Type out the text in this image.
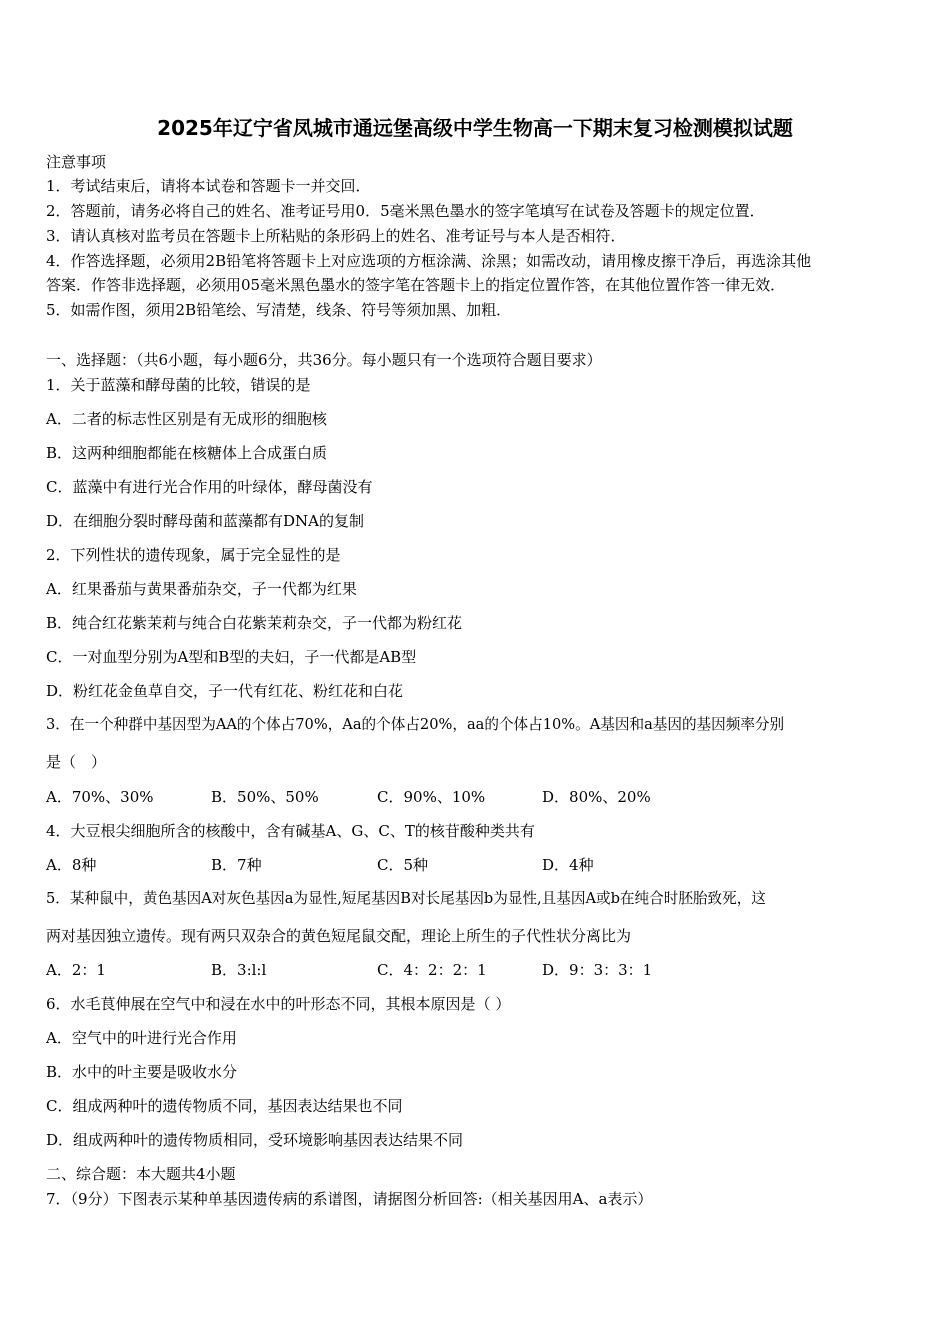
2025年辽宁省凤城市通远堡高级中学生物高一下期末复习检测模拟试题
注意事项
1．考试结束后，请将本试卷和答题卡一并交回．
2．答题前，请务必将自己的姓名、准考证号用0．5毫米黑色墨水的签字笔填写在试卷及答题卡的规定位置．
3．请认真核对监考员在答题卡上所粘贴的条形码上的姓名、准考证号与本人是否相符．
4．作答选择题，必须用2B铅笔将答题卡上对应选项的方框涂满、涂黑；如需改动，请用橡皮擦干净后，再选涂其他
答案．作答非选择题，必须用05毫米黑色墨水的签字笔在答题卡上的指定位置作答，在其他位置作答一律无效．
5．如需作图，须用2B铅笔绘、写清楚，线条、符号等须加黑、加粗．
一、选择题：（共6小题，每小题6分，共36分。每小题只有一个选项符合题目要求）
1．关于蓝藻和酵母菌的比较，错误的是
A．二者的标志性区别是有无成形的细胞核
B．这两种细胞都能在核糖体上合成蛋白质
C．蓝藻中有进行光合作用的叶绿体，酵母菌没有
D．在细胞分裂时酵母菌和蓝藻都有DNA的复制
2．下列性状的遗传现象，属于完全显性的是
A．红果番茄与黄果番茄杂交，子一代都为红果
B．纯合红花紫茉莉与纯合白花紫茉莉杂交，子一代都为粉红花
C．一对血型分别为A型和B型的夫妇，子一代都是AB型
D．粉红花金鱼草自交，子一代有红花、粉红花和白花
3．在一个种群中基因型为AA的个体占70%，Aa的个体占20%，aa的个体占10%。A基因和a基因的基因频率分别
是（　）
A．70%、30%	B．50%、50%	C．90%、10%	D．80%、20%
4．大豆根尖细胞所含的核酸中，含有碱基A、G、C、T的核苷酸种类共有
A．8种	B．7种	C．5种	D．4种
5．某种鼠中，黄色基因A对灰色基因a为显性,短尾基因B对长尾基因b为显性,且基因A或b在纯合时胚胎致死，这
两对基因独立遗传。现有两只双杂合的黄色短尾鼠交配，理论上所生的子代性状分离比为
A．2：1	B．3:l:l	C．4：2：2：1	D．9：3：3：1
6．水毛茛伸展在空气中和浸在水中的叶形态不同，其根本原因是（ ）
A．空气中的叶进行光合作用
B．水中的叶主要是吸收水分
C．组成两种叶的遗传物质不同，基因表达结果也不同
D．组成两种叶的遗传物质相同，受环境影响基因表达结果不同
二、综合题：本大题共4小题
7．（9分）下图表示某种单基因遗传病的系谱图，请据图分析回答:（相关基因用A、a表示）
